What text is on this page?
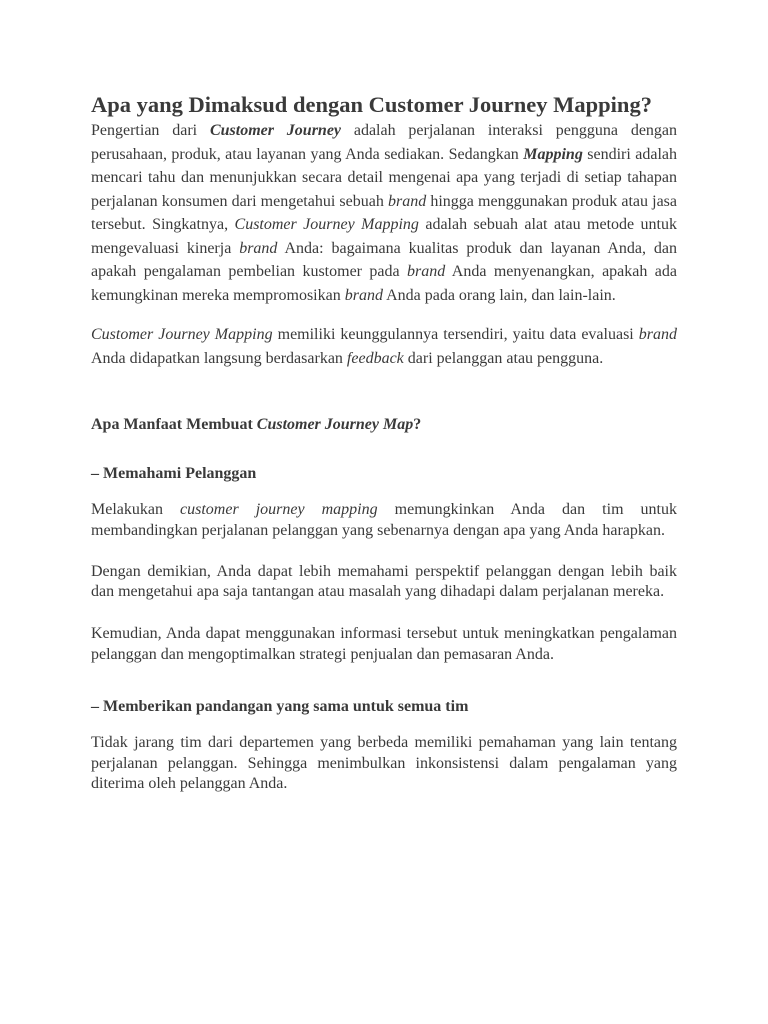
Apa yang Dimaksud dengan Customer Journey Mapping?

Pengertian dari Customer Journey adalah perjalanan interaksi pengguna dengan perusahaan, produk, atau layanan yang Anda sediakan. Sedangkan Mapping sendiri adalah mencari tahu dan menunjukkan secara detail mengenai apa yang terjadi di setiap tahapan perjalanan konsumen dari mengetahui sebuah brand hingga menggunakan produk atau jasa tersebut. Singkatnya, Customer Journey Mapping adalah sebuah alat atau metode untuk mengevaluasi kinerja brand Anda: bagaimana kualitas produk dan layanan Anda, dan apakah pengalaman pembelian kustomer pada brand Anda menyenangkan, apakah ada kemungkinan mereka mempromosikan brand Anda pada orang lain, dan lain-lain.

Customer Journey Mapping memiliki keunggulannya tersendiri, yaitu data evaluasi brand Anda didapatkan langsung berdasarkan feedback dari pelanggan atau pengguna.

Apa Manfaat Membuat Customer Journey Map?

– Memahami Pelanggan

Melakukan customer journey mapping memungkinkan Anda dan tim untuk membandingkan perjalanan pelanggan yang sebenarnya dengan apa yang Anda harapkan.

Dengan demikian, Anda dapat lebih memahami perspektif pelanggan dengan lebih baik dan mengetahui apa saja tantangan atau masalah yang dihadapi dalam perjalanan mereka.

Kemudian, Anda dapat menggunakan informasi tersebut untuk meningkatkan pengalaman pelanggan dan mengoptimalkan strategi penjualan dan pemasaran Anda.

– Memberikan pandangan yang sama untuk semua tim

Tidak jarang tim dari departemen yang berbeda memiliki pemahaman yang lain tentang perjalanan pelanggan. Sehingga menimbulkan inkonsistensi dalam pengalaman yang diterima oleh pelanggan Anda.
